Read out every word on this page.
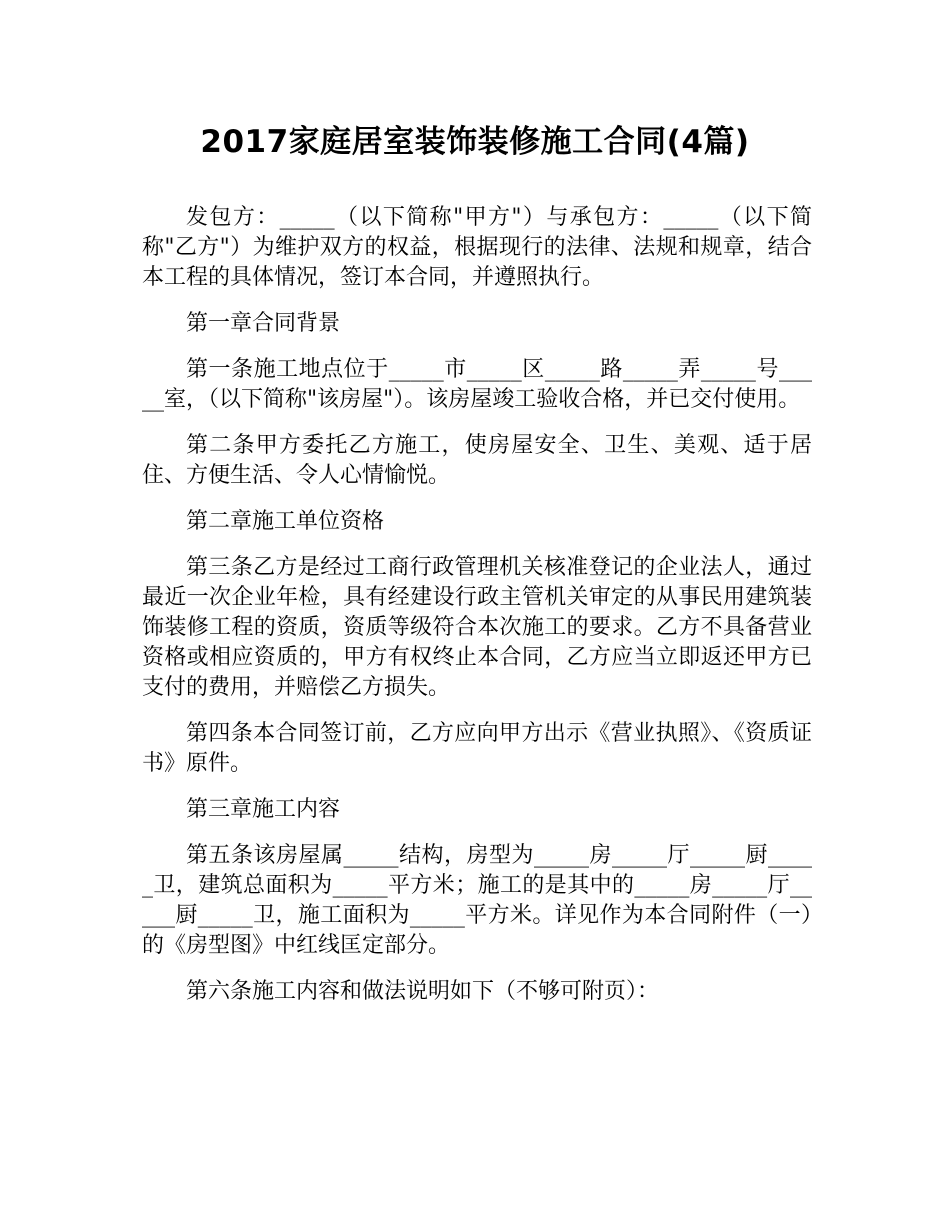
2017家庭居室装饰装修施工合同(4篇)

发包方：_____（以下简称"甲方"）与承包方：_____（以下简称"乙方"）为维护双方的权益，根据现行的法律、法规和规章，结合本工程的具体情况，签订本合同，并遵照执行。

第一章合同背景

第一条施工地点位于_____市_____区_____路_____弄_____号_____室，（以下简称"该房屋"）。该房屋竣工验收合格，并已交付使用。

第二条甲方委托乙方施工，使房屋安全、卫生、美观、适于居住、方便生活、令人心情愉悦。

第二章施工单位资格

第三条乙方是经过工商行政管理机关核准登记的企业法人，通过最近一次企业年检，具有经建设行政主管机关审定的从事民用建筑装饰装修工程的资质，资质等级符合本次施工的要求。乙方不具备营业资格或相应资质的，甲方有权终止本合同，乙方应当立即返还甲方已支付的费用，并赔偿乙方损失。

第四条本合同签订前，乙方应向甲方出示《营业执照》、《资质证书》原件。

第三章施工内容

第五条该房屋属_____结构，房型为_____房_____厅_____厨_____卫，建筑总面积为_____平方米；施工的是其中的_____房_____厅_____厨_____卫，施工面积为_____平方米。详见作为本合同附件（一）的《房型图》中红线匡定部分。

第六条施工内容和做法说明如下（不够可附页）：
